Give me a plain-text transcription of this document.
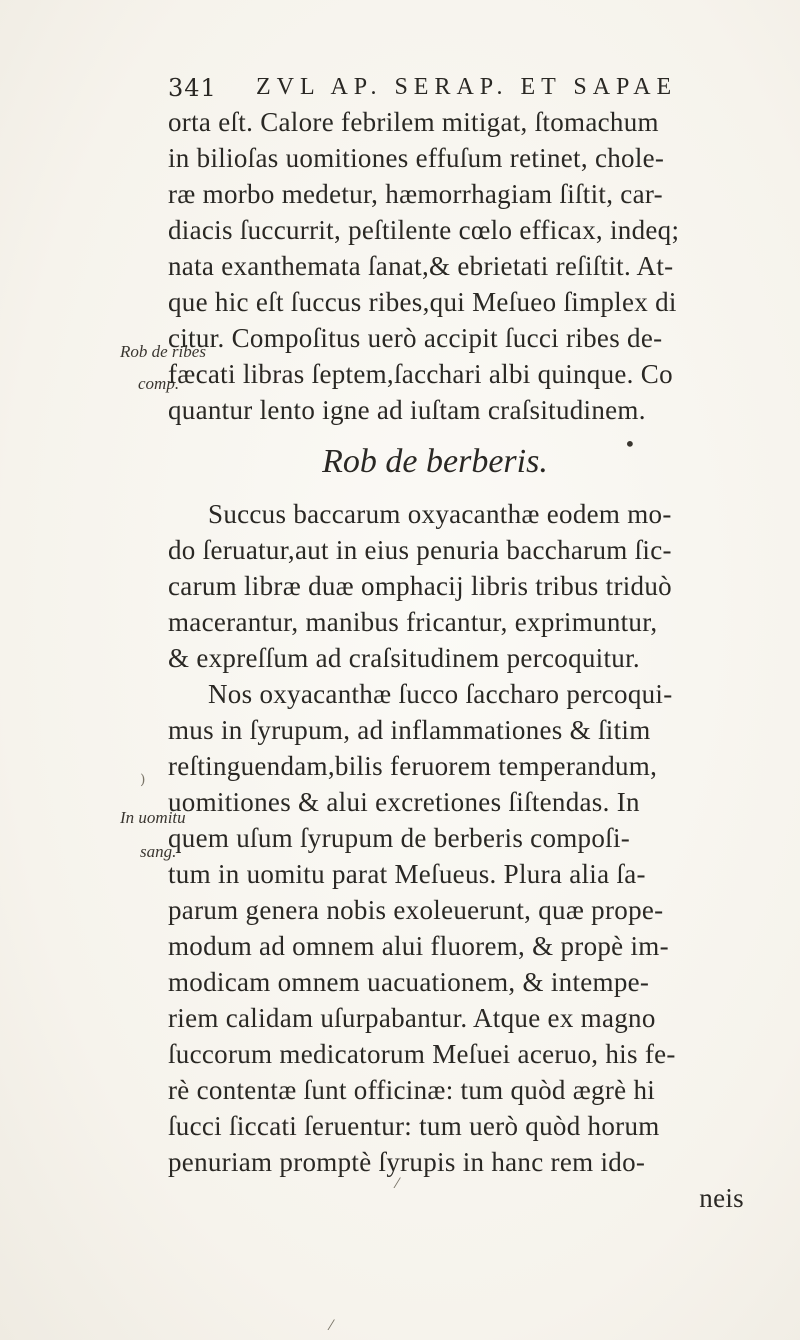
341 ZVL AP. SERAP. ET SAPAE
Rob de ribes
comp.
In uomitu
sang.
orta eſt. Calore febrilem mitigat, ſtomachum
in bilioſas uomitiones effuſum retinet, chole-
ræ morbo medetur, hæmorrhagiam ſiſtit, car-
diacis ſuccurrit, peſtilente cœlo efficax, indeq;
nata exanthemata ſanat,& ebrietati reſiſtit. At-
que hic eſt ſuccus ribes,qui Meſueo ſimplex di
citur. Compoſitus uerò accipit ſucci ribes de-
fæcati libras ſeptem,ſacchari albi quinque. Co
quantur lento igne ad iuſtam craſsitudinem.
Rob de berberis.
Succus baccarum oxyacanthæ eodem mo-
do ſeruatur,aut in eius penuria baccharum ſic-
carum libræ duæ omphacij libris tribus triduò
macerantur, manibus fricantur, exprimuntur,
& expreſſum ad craſsitudinem percoquitur.
Nos oxyacanthæ ſucco ſaccharo percoqui-
mus in ſyrupum, ad inflammationes & ſitim
reſtinguendam,bilis feruorem temperandum,
uomitiones & alui excretiones ſiſtendas. In
quem uſum ſyrupum de berberis compoſi-
tum in uomitu parat Meſueus. Plura alia ſa-
parum genera nobis exoleuerunt, quæ prope-
modum ad omnem alui fluorem, & propè im-
modicam omnem uacuationem, & intempe-
riem calidam uſurpabantur. Atque ex magno
ſuccorum medicatorum Meſuei aceruo, his fe-
rè contentæ ſunt officinæ: tum quòd ægrè hi
ſucci ſiccati ſeruentur: tum uerò quòd horum
penuriam promptè ſyrupis in hanc rem ido-
neis
•
)
⁄
⁄
